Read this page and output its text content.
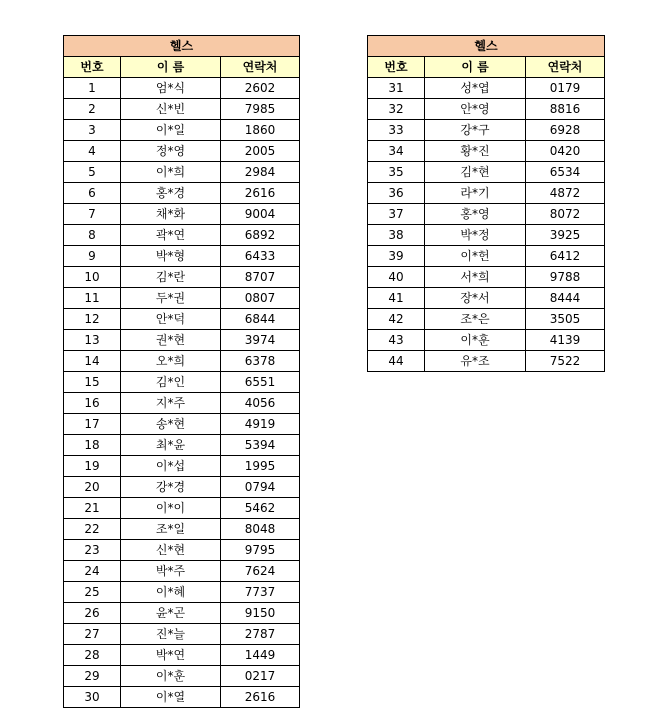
헬스		
번호	이 름	연락처
1	엄*식	2602
2	신*빈	7985
3	이*일	1860
4	정*영	2005
5	이*희	2984
6	홍*경	2616
7	채*화	9004
8	곽*연	6892
9	박*형	6433
10	김*란	8707
11	두*권	0807
12	안*덕	6844
13	권*현	3974
14	오*희	6378
15	김*인	6551
16	지*주	4056
17	송*현	4919
18	최*윤	5394
19	이*섭	1995
20	강*경	0794
21	이*이	5462
22	조*일	8048
23	신*현	9795
24	박*주	7624
25	이*혜	7737
26	윤*곤	9150
27	진*늘	2787
28	박*연	1449
29	이*훈	0217
30	이*열	2616
헬스		
번호	이 름	연락처
31	성*엽	0179
32	안*영	8816
33	강*구	6928
34	황*진	0420
35	김*현	6534
36	라*기	4872
37	홍*영	8072
38	박*정	3925
39	이*헌	6412
40	서*희	9788
41	장*서	8444
42	조*은	3505
43	이*훈	4139
44	유*조	7522
